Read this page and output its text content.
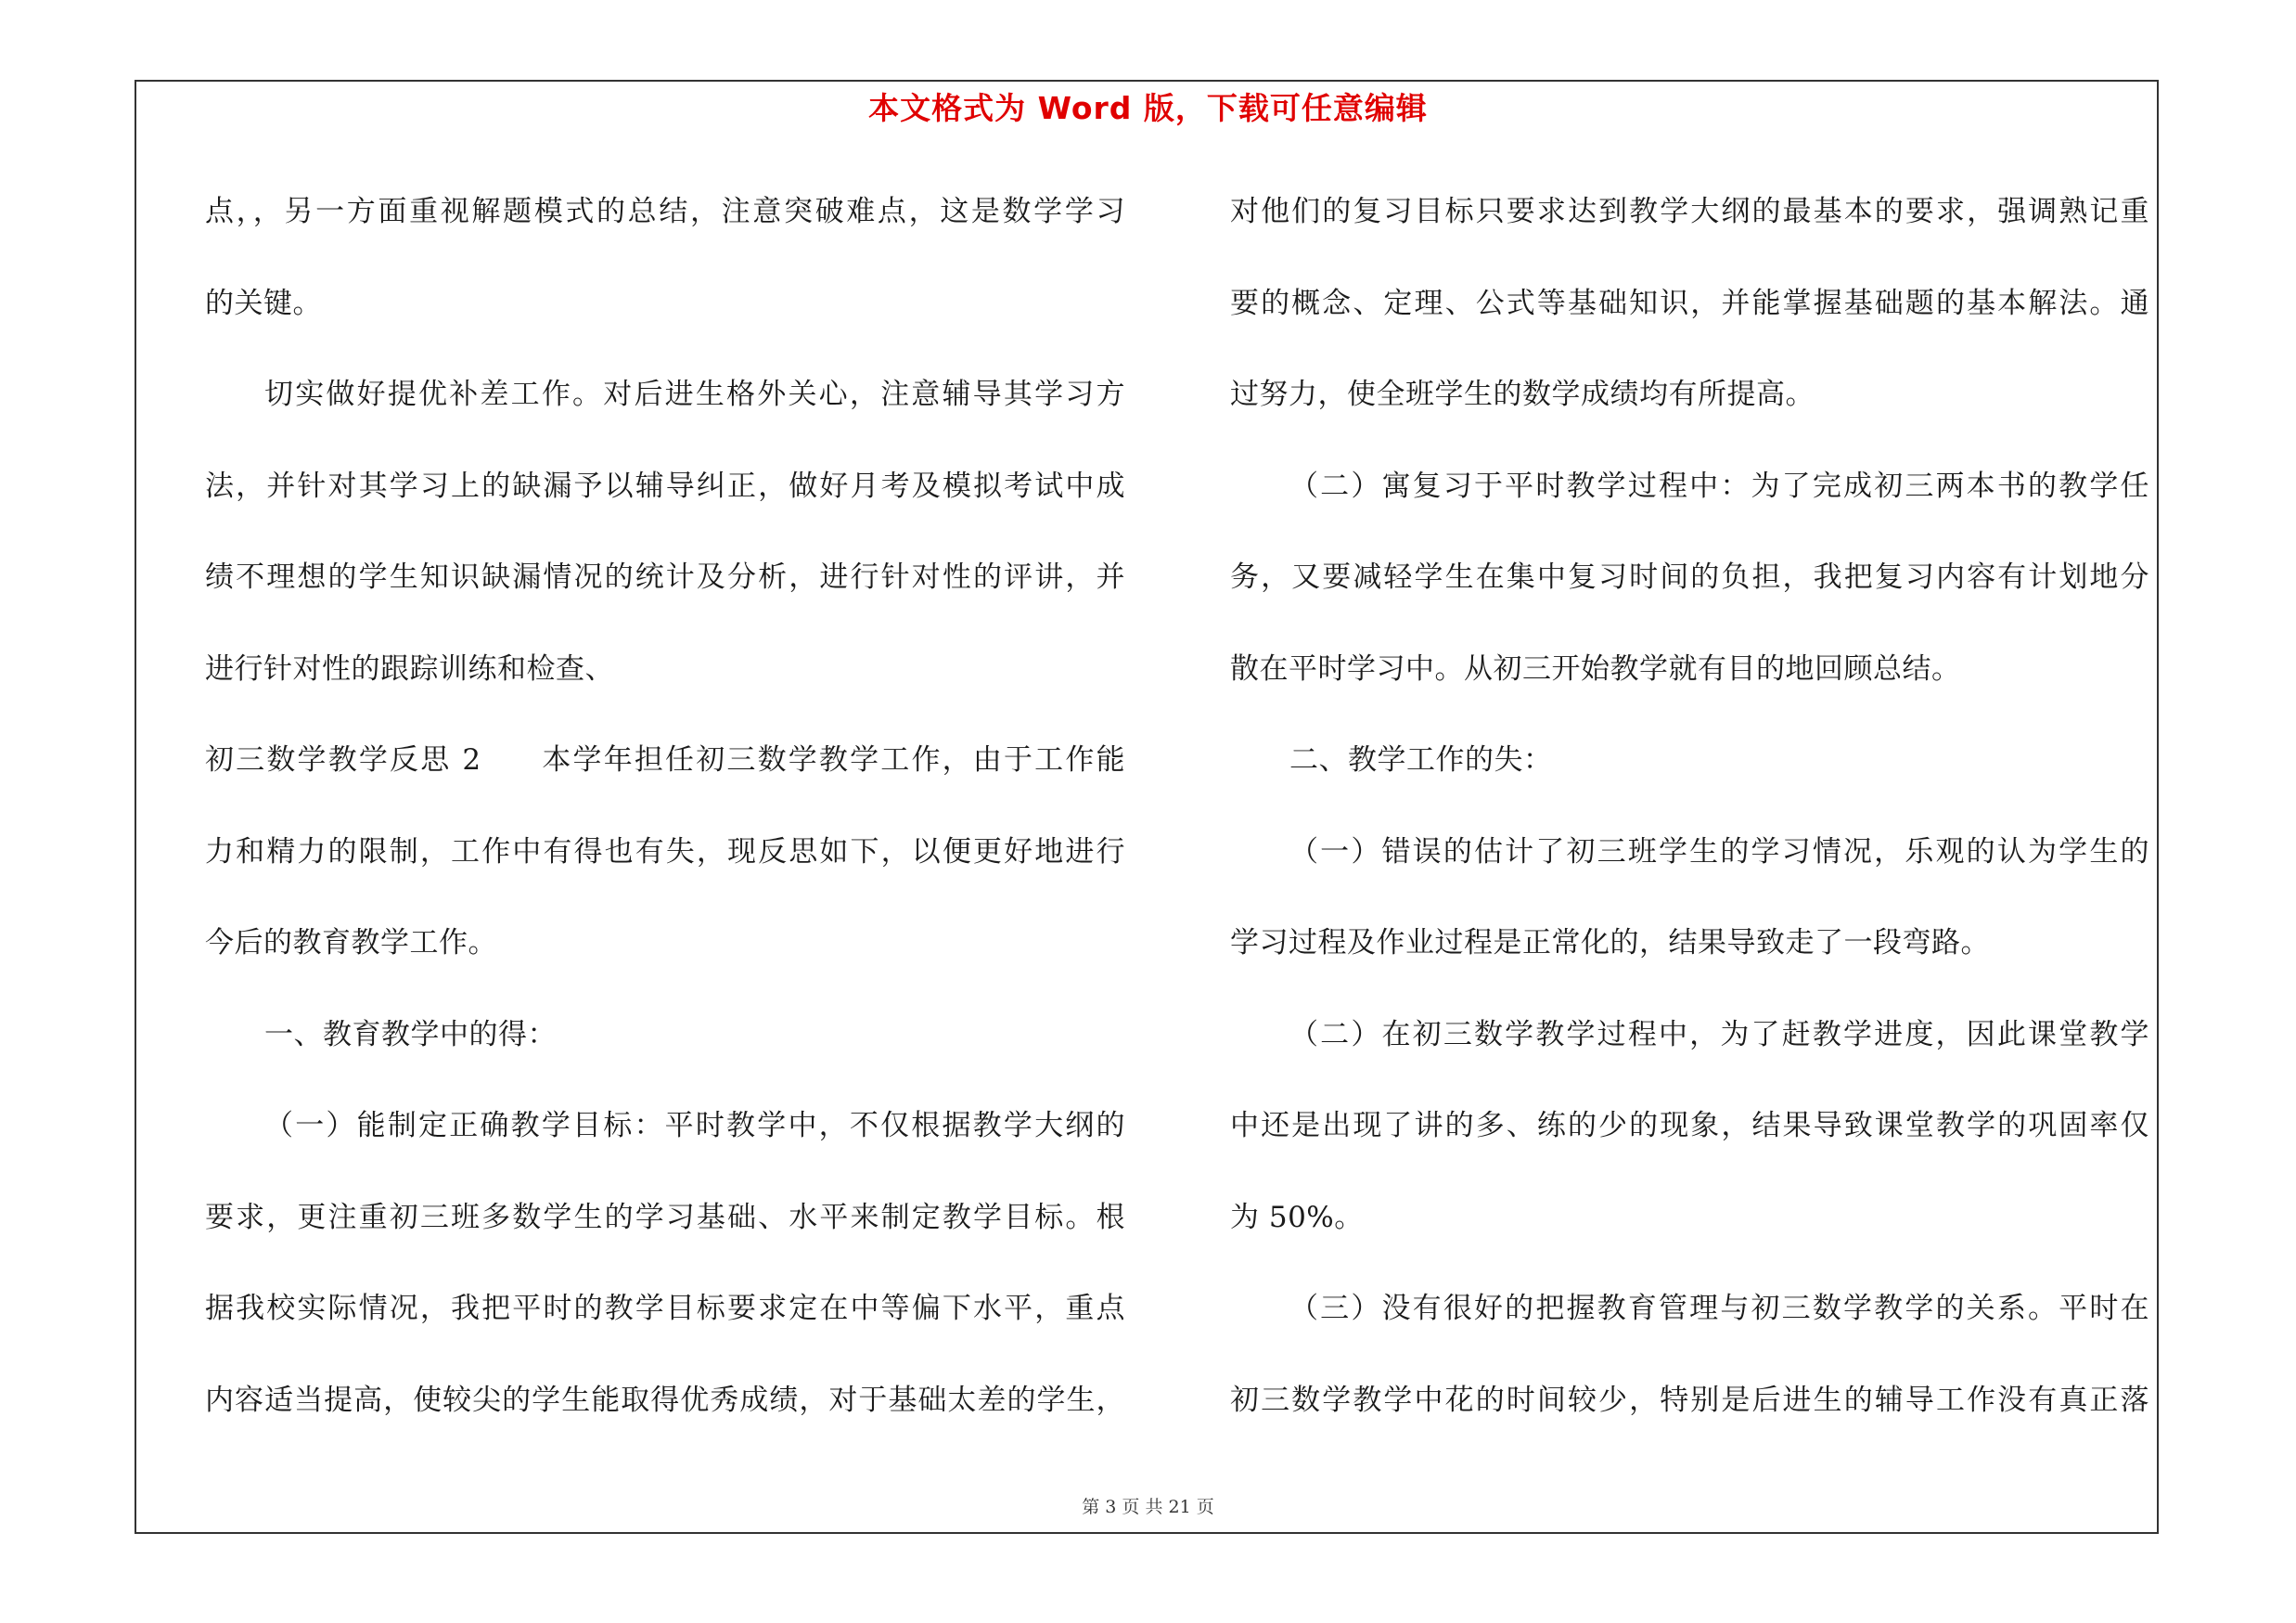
本文格式为 Word 版，下载可任意编辑
点，，另一方面重视解题模式的总结，注意突破难点，这是数学学习
的关键。
切实做好提优补差工作。对后进生格外关心，注意辅导其学习方
法，并针对其学习上的缺漏予以辅导纠正，做好月考及模拟考试中成
绩不理想的学生知识缺漏情况的统计及分析，进行针对性的评讲，并
进行针对性的跟踪训练和检查、
初三数学教学反思 2 本学年担任初三数学教学工作，由于工作能
力和精力的限制，工作中有得也有失，现反思如下，以便更好地进行
今后的教育教学工作。
一、教育教学中的得：
（一）能制定正确教学目标：平时教学中，不仅根据教学大纲的
要求，更注重初三班多数学生的学习基础、水平来制定教学目标。根
据我校实际情况，我把平时的教学目标要求定在中等偏下水平，重点
内容适当提高，使较尖的学生能取得优秀成绩，对于基础太差的学生，
对他们的复习目标只要求达到教学大纲的最基本的要求，强调熟记重
要的概念、定理、公式等基础知识，并能掌握基础题的基本解法。通
过努力，使全班学生的数学成绩均有所提高。
（二）寓复习于平时教学过程中：为了完成初三两本书的教学任
务，又要减轻学生在集中复习时间的负担，我把复习内容有计划地分
散在平时学习中。从初三开始教学就有目的地回顾总结。
二、教学工作的失：
（一）错误的估计了初三班学生的学习情况，乐观的认为学生的
学习过程及作业过程是正常化的，结果导致走了一段弯路。
（二）在初三数学教学过程中，为了赶教学进度，因此课堂教学
中还是出现了讲的多、练的少的现象，结果导致课堂教学的巩固率仅
为 50%。
（三）没有很好的把握教育管理与初三数学教学的关系。平时在
初三数学教学中花的时间较少，特别是后进生的辅导工作没有真正落
第 3 页 共 21 页
